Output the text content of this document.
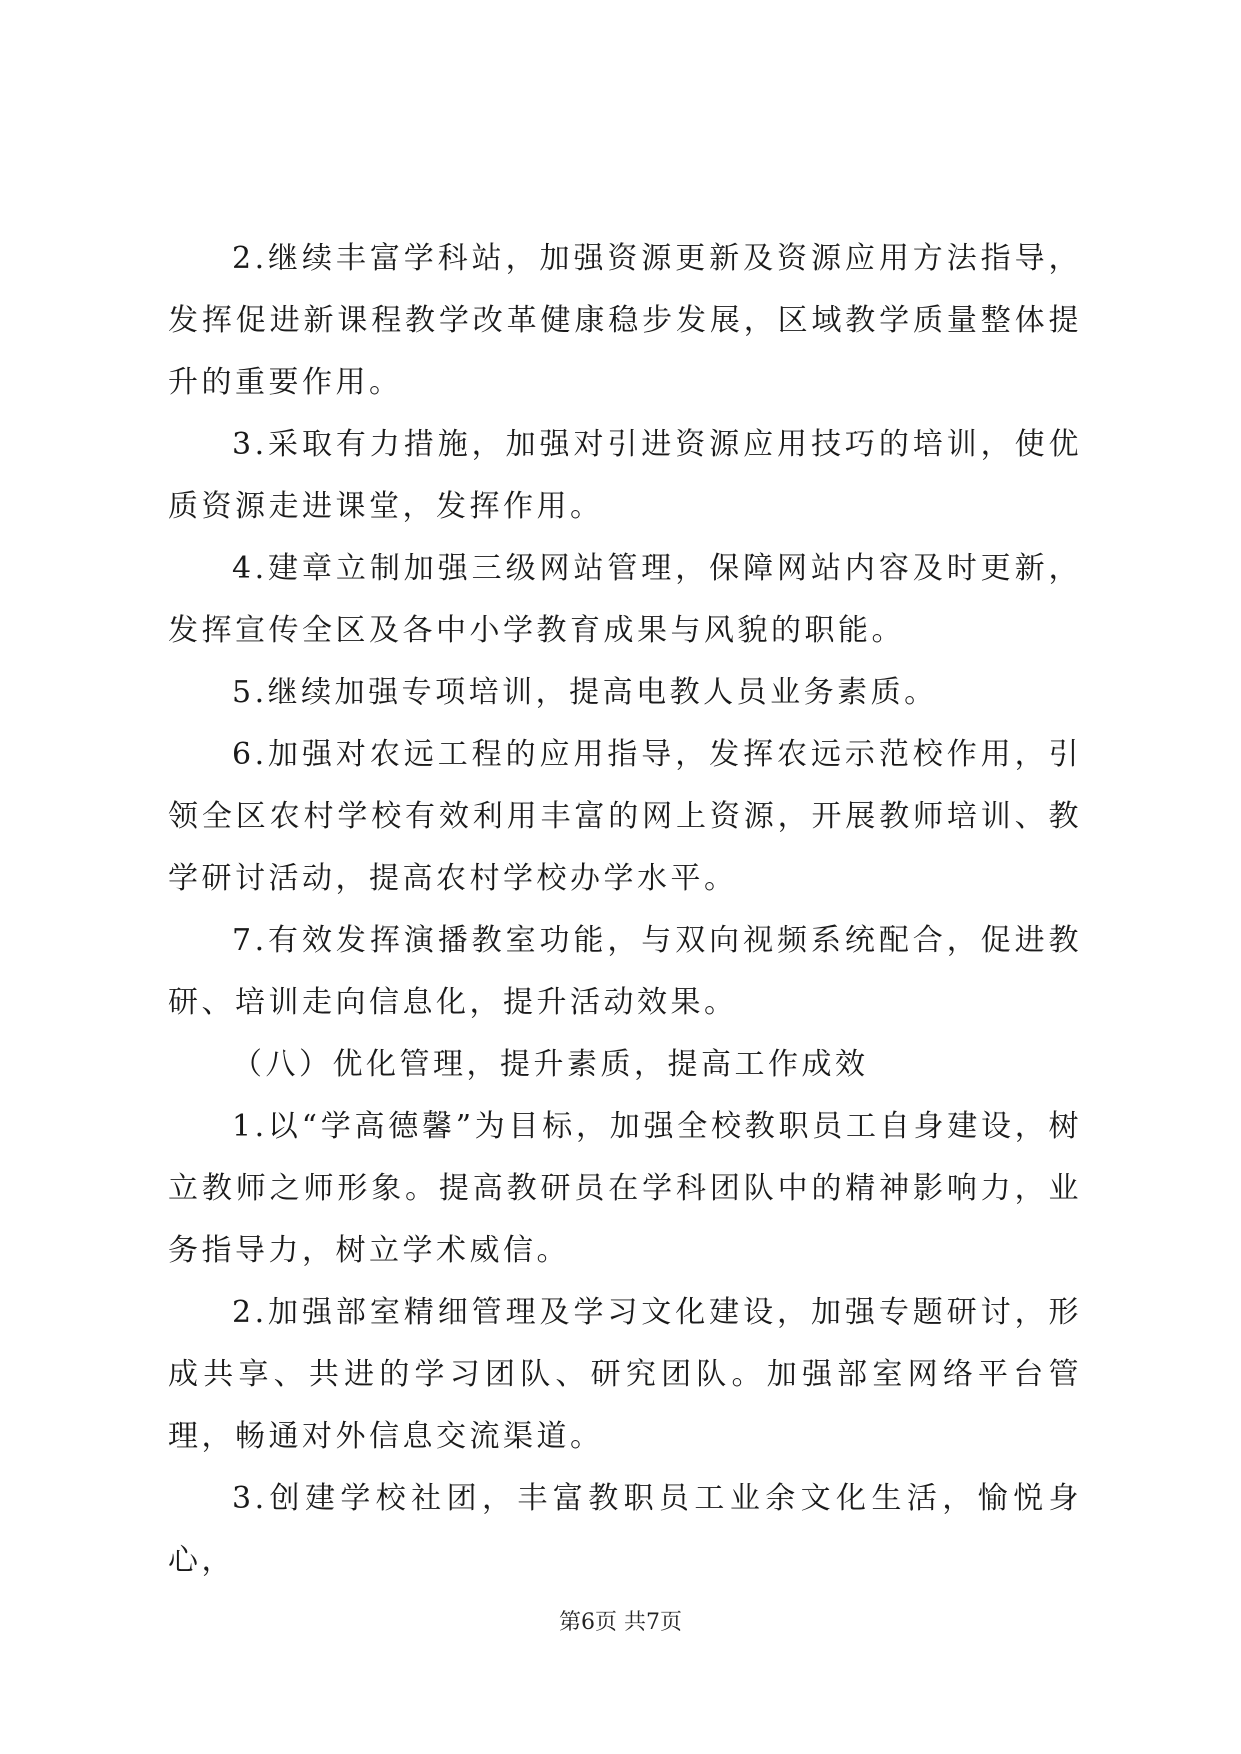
2.继续丰富学科站，加强资源更新及资源应用方法指导，发挥促进新课程教学改革健康稳步发展，区域教学质量整体提升的重要作用。

3.采取有力措施，加强对引进资源应用技巧的培训，使优质资源走进课堂，发挥作用。

4.建章立制加强三级网站管理，保障网站内容及时更新，发挥宣传全区及各中小学教育成果与风貌的职能。

5.继续加强专项培训，提高电教人员业务素质。

6.加强对农远工程的应用指导，发挥农远示范校作用，引领全区农村学校有效利用丰富的网上资源，开展教师培训、教学研讨活动，提高农村学校办学水平。

7.有效发挥演播教室功能，与双向视频系统配合，促进教研、培训走向信息化，提升活动效果。

（八）优化管理，提升素质，提高工作成效

1.以“学高德馨”为目标，加强全校教职员工自身建设，树立教师之师形象。提高教研员在学科团队中的精神影响力，业务指导力，树立学术威信。

2.加强部室精细管理及学习文化建设，加强专题研讨，形成共享、共进的学习团队、研究团队。加强部室网络平台管理，畅通对外信息交流渠道。

3.创建学校社团，丰富教职员工业余文化生活，愉悦身心，

第6页 共7页
